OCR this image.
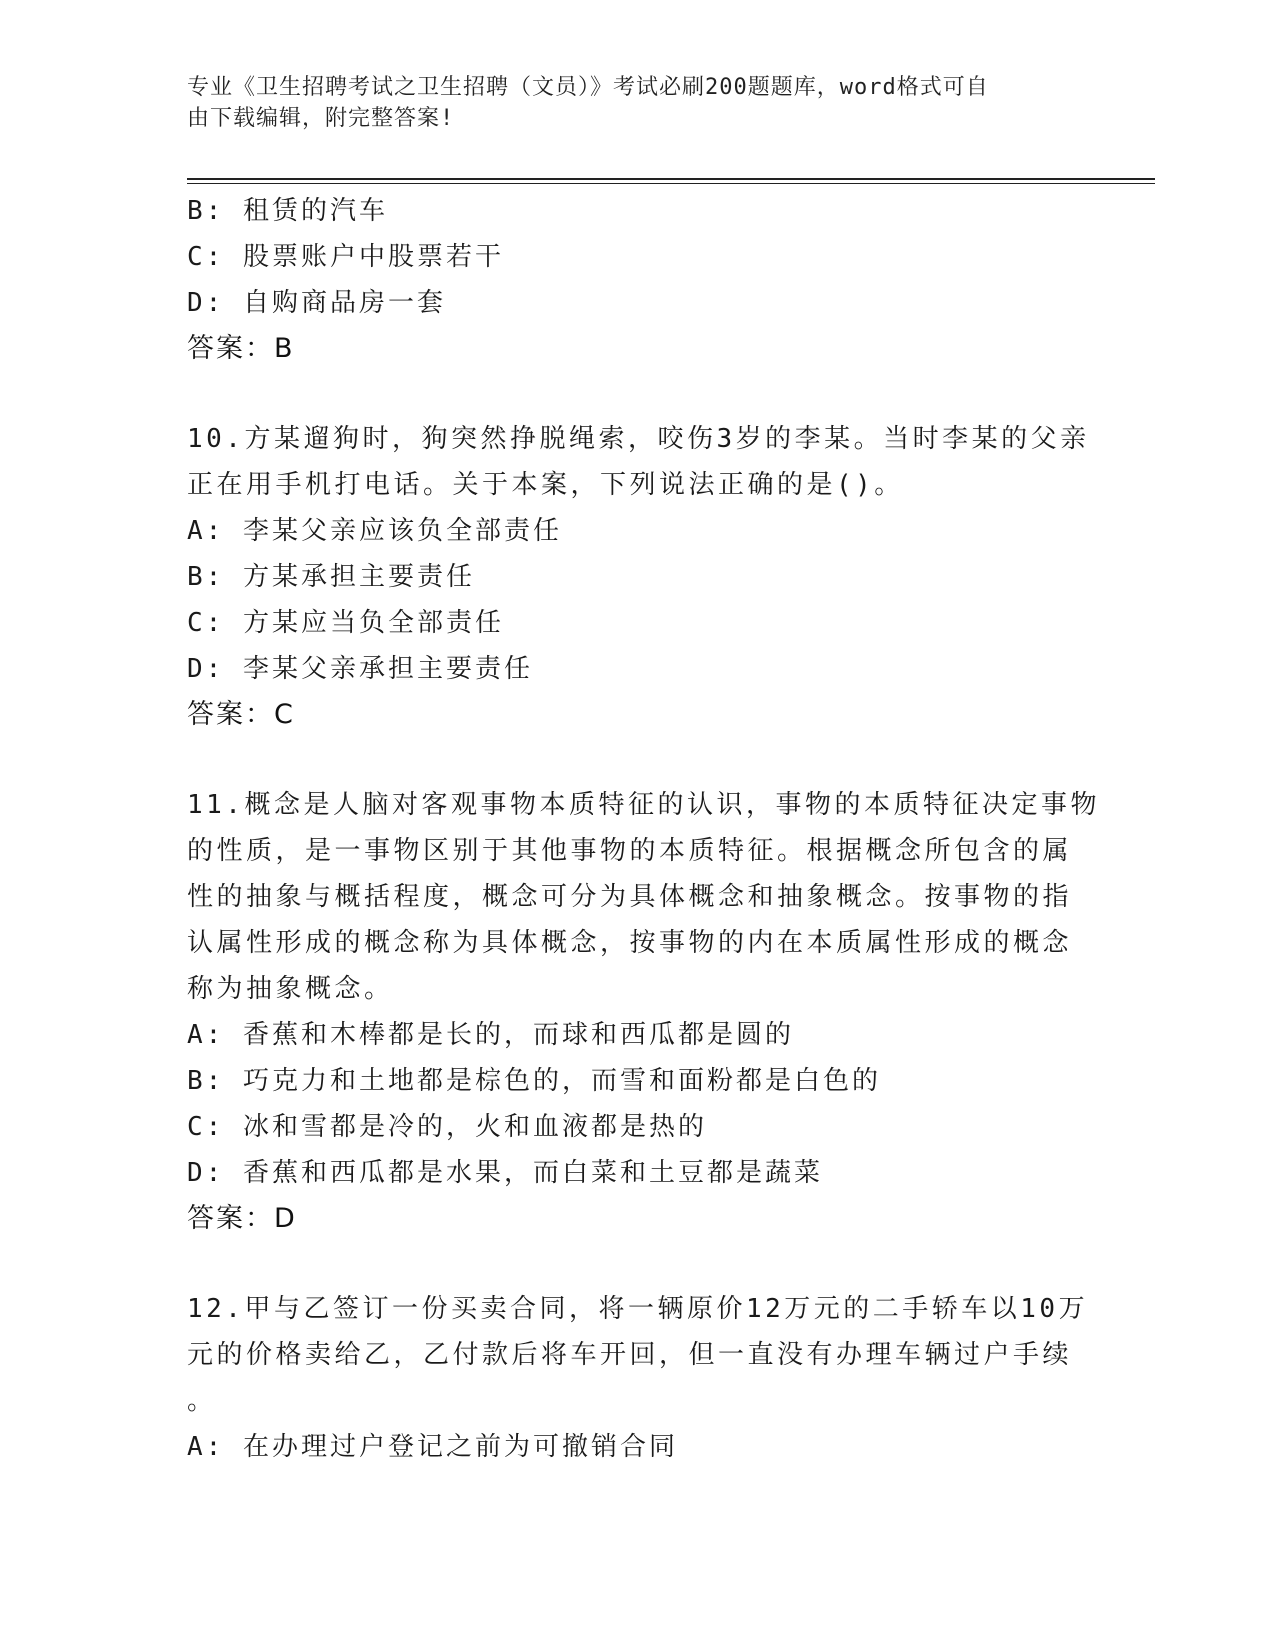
专业《卫生招聘考试之卫生招聘（文员）》考试必刷200题题库，word格式可自
由下载编辑，附完整答案!
B: 租赁的汽车
C: 股票账户中股票若干
D: 自购商品房一套
答案：B
10.方某遛狗时，狗突然挣脱绳索，咬伤3岁的李某。当时李某的父亲
正在用手机打电话。关于本案，下列说法正确的是()。
A: 李某父亲应该负全部责任
B: 方某承担主要责任
C: 方某应当负全部责任
D: 李某父亲承担主要责任
答案：C
11.概念是人脑对客观事物本质特征的认识，事物的本质特征决定事物
的性质，是一事物区别于其他事物的本质特征。根据概念所包含的属
性的抽象与概括程度，概念可分为具体概念和抽象概念。按事物的指
认属性形成的概念称为具体概念，按事物的内在本质属性形成的概念
称为抽象概念。
A: 香蕉和木棒都是长的，而球和西瓜都是圆的
B: 巧克力和土地都是棕色的，而雪和面粉都是白色的
C: 冰和雪都是冷的，火和血液都是热的
D: 香蕉和西瓜都是水果，而白菜和土豆都是蔬菜
答案：D
12.甲与乙签订一份买卖合同，将一辆原价12万元的二手轿车以10万
元的价格卖给乙，乙付款后将车开回，但一直没有办理车辆过户手续
。
A: 在办理过户登记之前为可撤销合同
